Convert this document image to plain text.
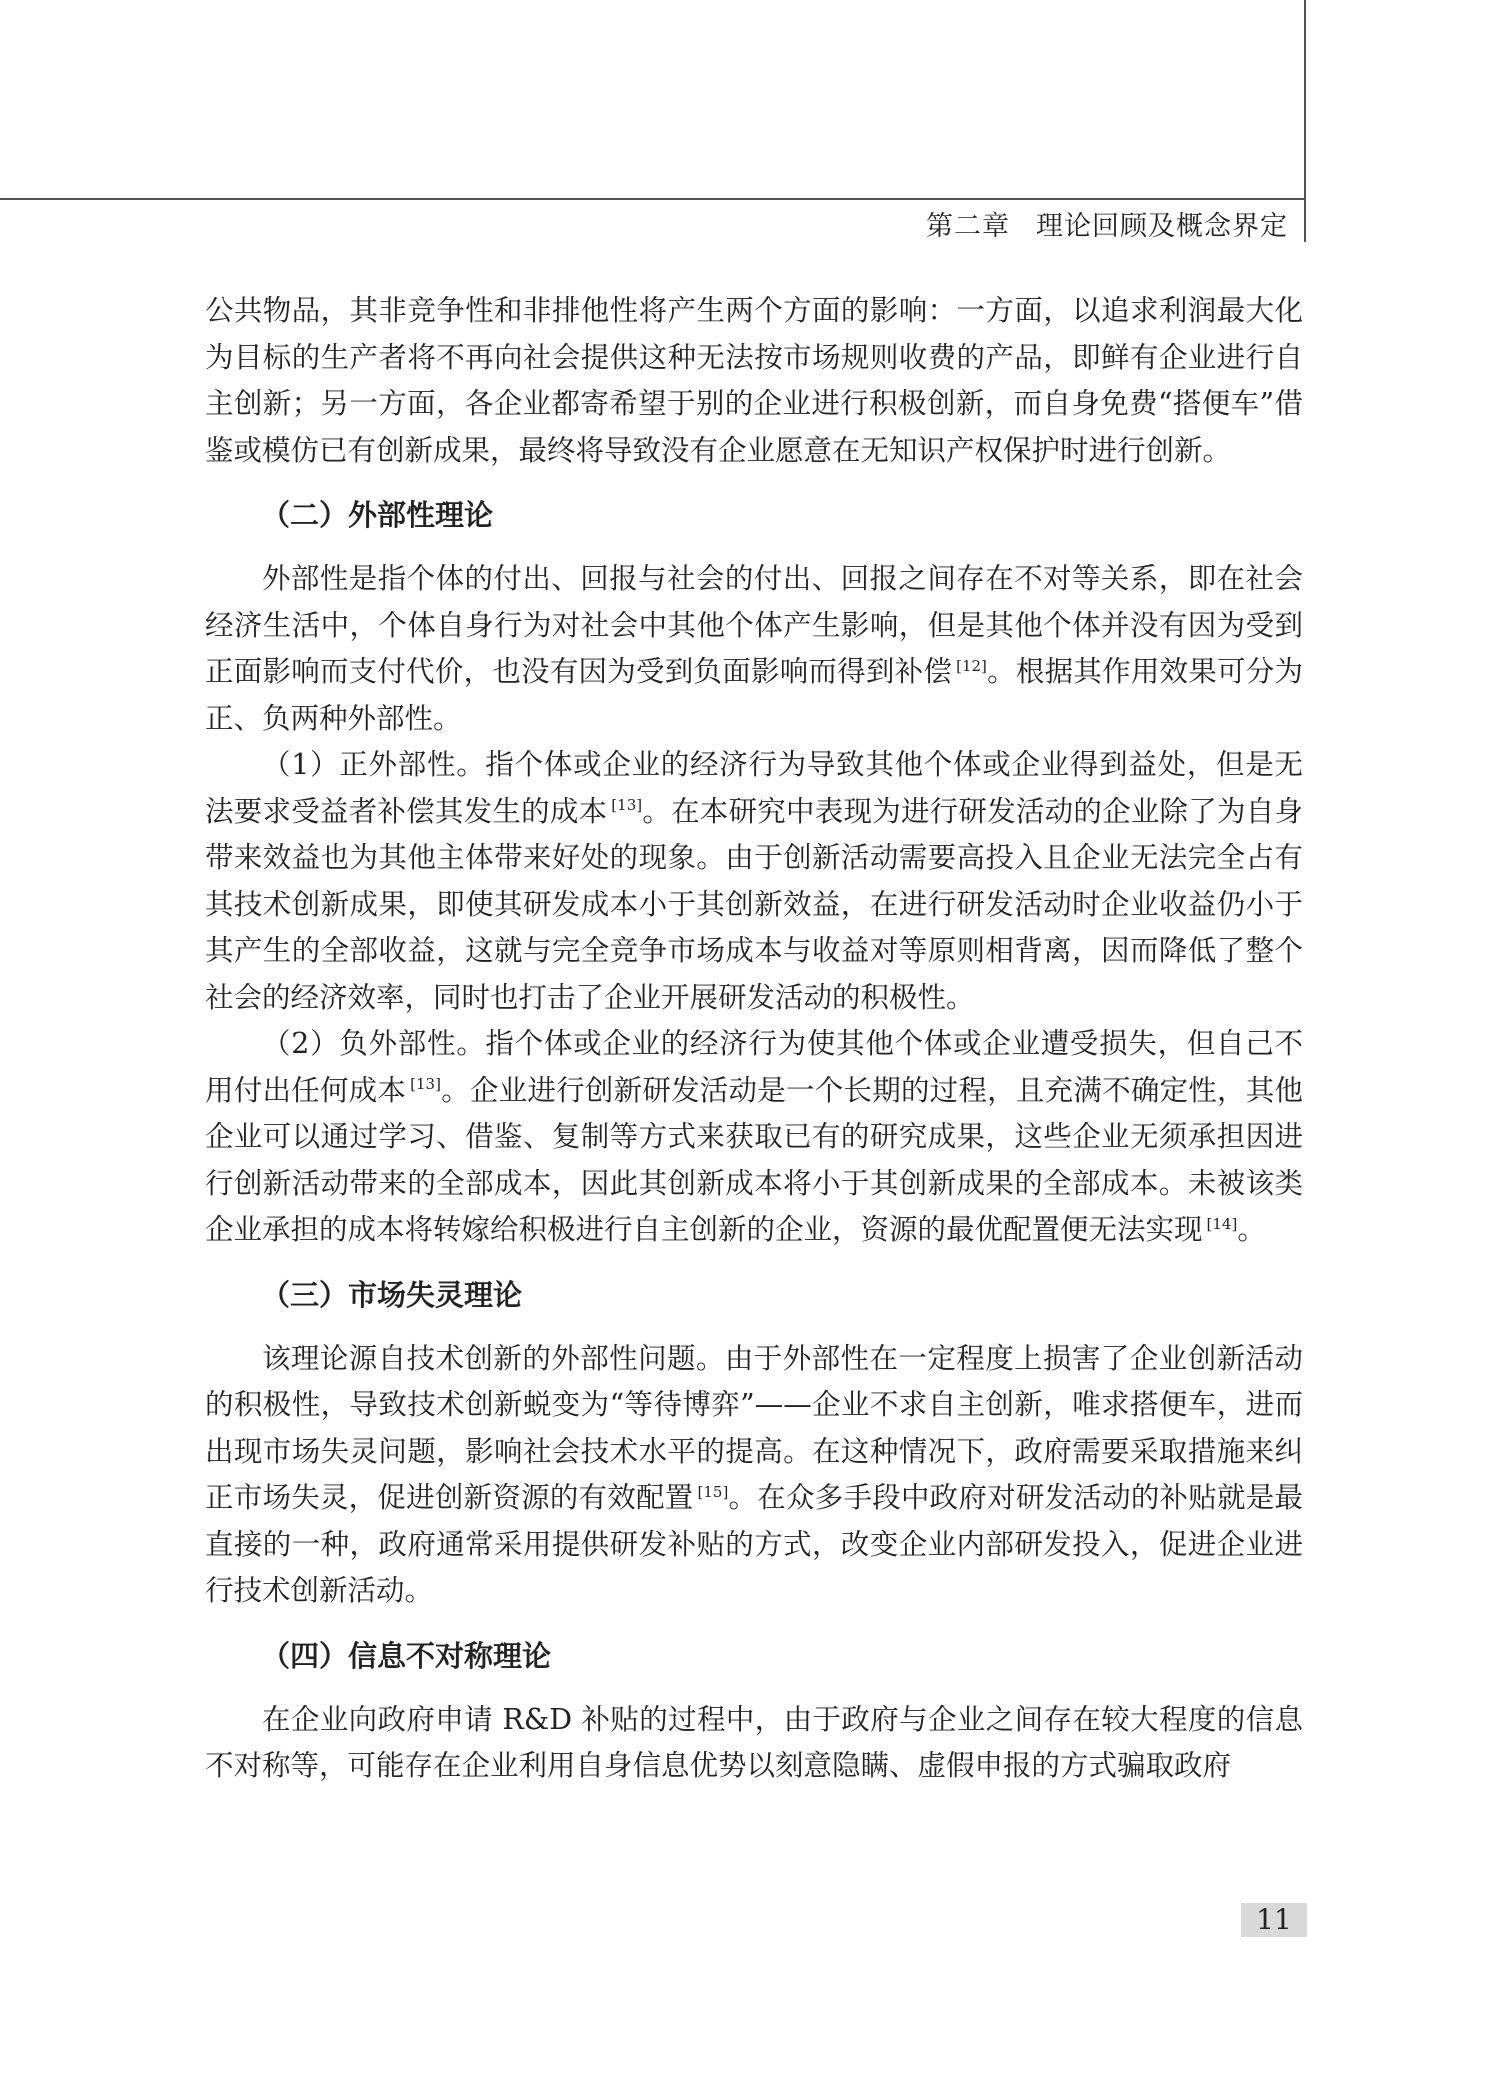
第二章 理论回顾及概念界定

公共物品，其非竞争性和非排他性将产生两个方面的影响：一方面，以追求利润最大化为目标的生产者将不再向社会提供这种无法按市场规则收费的产品，即鲜有企业进行自主创新；另一方面，各企业都寄希望于别的企业进行积极创新，而自身免费“搭便车”借鉴或模仿已有创新成果，最终将导致没有企业愿意在无知识产权保护时进行创新。

（二）外部性理论

外部性是指个体的付出、回报与社会的付出、回报之间存在不对等关系，即在社会经济生活中，个体自身行为对社会中其他个体产生影响，但是其他个体并没有因为受到正面影响而支付代价，也没有因为受到负面影响而得到补偿 [12]。根据其作用效果可分为正、负两种外部性。

（1）正外部性。指个体或企业的经济行为导致其他个体或企业得到益处，但是无法要求受益者补偿其发生的成本 [13]。在本研究中表现为进行研发活动的企业除了为自身带来效益也为其他主体带来好处的现象。由于创新活动需要高投入且企业无法完全占有其技术创新成果，即使其研发成本小于其创新效益，在进行研发活动时企业收益仍小于其产生的全部收益，这就与完全竞争市场成本与收益对等原则相背离，因而降低了整个社会的经济效率，同时也打击了企业开展研发活动的积极性。

（2）负外部性。指个体或企业的经济行为使其他个体或企业遭受损失，但自己不用付出任何成本 [13]。企业进行创新研发活动是一个长期的过程，且充满不确定性，其他企业可以通过学习、借鉴、复制等方式来获取已有的研究成果，这些企业无须承担因进行创新活动带来的全部成本，因此其创新成本将小于其创新成果的全部成本。未被该类企业承担的成本将转嫁给积极进行自主创新的企业，资源的最优配置便无法实现 [14]。

（三）市场失灵理论

该理论源自技术创新的外部性问题。由于外部性在一定程度上损害了企业创新活动的积极性，导致技术创新蜕变为“等待博弈”——企业不求自主创新，唯求搭便车，进而出现市场失灵问题，影响社会技术水平的提高。在这种情况下，政府需要采取措施来纠正市场失灵，促进创新资源的有效配置 [15]。在众多手段中政府对研发活动的补贴就是最直接的一种，政府通常采用提供研发补贴的方式，改变企业内部研发投入，促进企业进行技术创新活动。

（四）信息不对称理论

在企业向政府申请 R&D 补贴的过程中，由于政府与企业之间存在较大程度的信息不对称等，可能存在企业利用自身信息优势以刻意隐瞒、虚假申报的方式骗取政府

11
